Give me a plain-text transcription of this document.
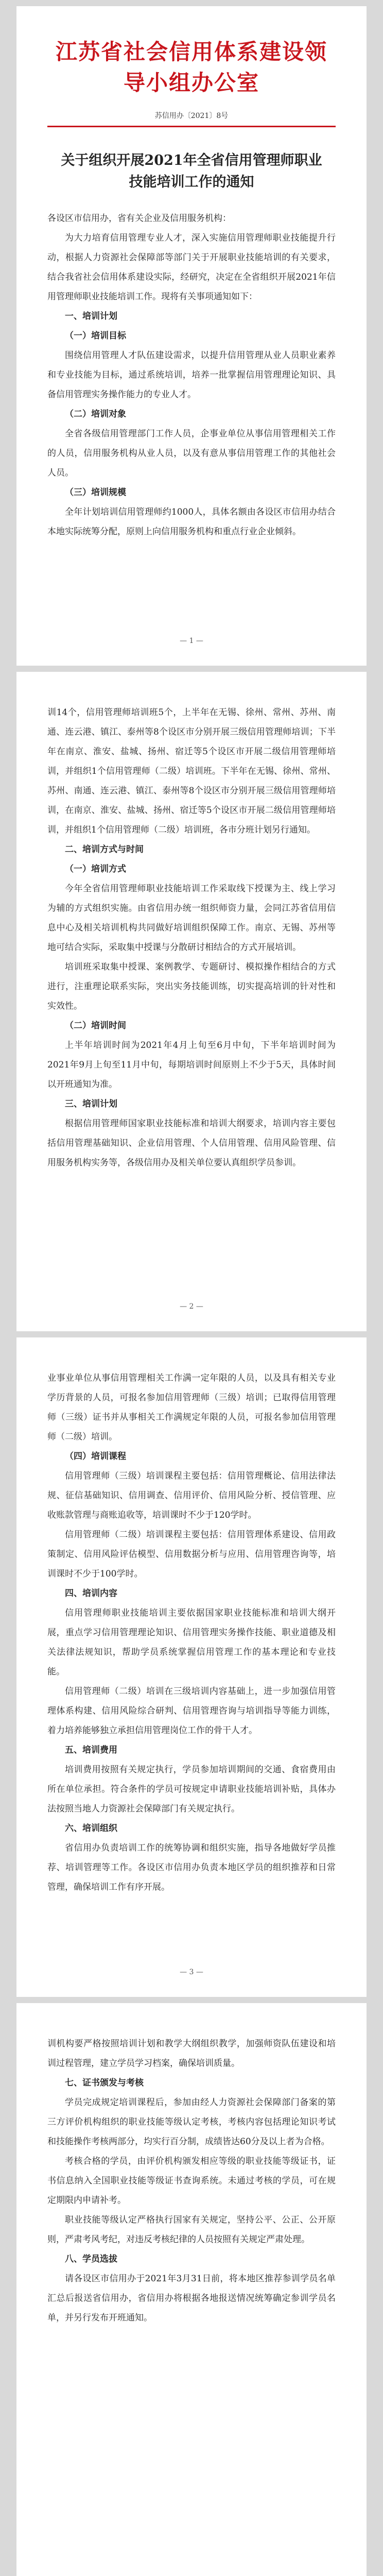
江苏省社会信用体系建设领导小组办公室
苏信用办〔2021〕8号
关于组织开展2021年全省信用管理师职业
技能培训工作的通知

各设区市信用办，省有关企业及信用服务机构：

为大力培育信用管理专业人才，深入实施信用管理师职业技能提升行动，根据人力资源社会保障部等部门关于开展职业技能培训的有关要求，结合我省社会信用体系建设实际，经研究，决定在全省组织开展2021年信用管理师职业技能培训工作。现将有关事项通知如下：

一、培训计划

（一）培训目标

围绕信用管理人才队伍建设需求，以提升信用管理从业人员职业素养和专业技能为目标，通过系统培训，培养一批掌握信用管理理论知识、具备信用管理实务操作能力的专业人才。

（二）培训对象

全省各级信用管理部门工作人员，企事业单位从事信用管理相关工作的人员，信用服务机构从业人员，以及有意从事信用管理工作的其他社会人员。

（三）培训规模

全年计划培训信用管理师约1000人，具体名额由各设区市信用办结合本地实际统筹分配，原则上向信用服务机构和重点行业企业倾斜。

— 1 —

训14个，信用管理师培训班5个，上半年在无锡、徐州、常州、苏州、南通、连云港、镇江、泰州等8个设区市分别开展三级信用管理师培训；下半年在南京、淮安、盐城、扬州、宿迁等5个设区市开展二级信用管理师培训，并组织1个信用管理师（二级）培训班。下半年在无锡、徐州、常州、苏州、南通、连云港、镇江、泰州等8个设区市分别开展三级信用管理师培训，在南京、淮安、盐城、扬州、宿迁等5个设区市开展二级信用管理师培训，并组织1个信用管理师（二级）培训班，各市分班计划另行通知。

二、培训方式与时间

（一）培训方式

今年全省信用管理师职业技能培训工作采取线下授课为主、线上学习为辅的方式组织实施。由省信用办统一组织师资力量，会同江苏省信用信息中心及相关培训机构共同做好培训组织保障工作。南京、无锡、苏州等地可结合实际，采取集中授课与分散研讨相结合的方式开展培训。

培训班采取集中授课、案例教学、专题研讨、模拟操作相结合的方式进行，注重理论联系实际，突出实务技能训练，切实提高培训的针对性和实效性。

（二）培训时间

上半年培训时间为2021年4月上旬至6月中旬，下半年培训时间为2021年9月上旬至11月中旬，每期培训时间原则上不少于5天，具体时间以开班通知为准。

三、培训计划

根据信用管理师国家职业技能标准和培训大纲要求，培训内容主要包括信用管理基础知识、企业信用管理、个人信用管理、信用风险管理、信用服务机构实务等，各级信用办及相关单位要认真组织学员参训。

— 2 —

业事业单位从事信用管理相关工作满一定年限的人员，以及具有相关专业学历背景的人员，可报名参加信用管理师（三级）培训；已取得信用管理师（三级）证书并从事相关工作满规定年限的人员，可报名参加信用管理师（二级）培训。

（四）培训课程

信用管理师（三级）培训课程主要包括：信用管理概论、信用法律法规、征信基础知识、信用调查、信用评价、信用风险分析、授信管理、应收账款管理与商账追收等，培训课时不少于120学时。

信用管理师（二级）培训课程主要包括：信用管理体系建设、信用政策制定、信用风险评估模型、信用数据分析与应用、信用管理咨询等，培训课时不少于100学时。

四、培训内容

信用管理师职业技能培训主要依据国家职业技能标准和培训大纲开展，重点学习信用管理理论知识、信用管理实务操作技能、职业道德及相关法律法规知识，帮助学员系统掌握信用管理工作的基本理论和专业技能。

信用管理师（二级）培训在三级培训内容基础上，进一步加强信用管理体系构建、信用风险综合研判、信用管理咨询与培训指导等能力训练，着力培养能够独立承担信用管理岗位工作的骨干人才。

五、培训费用

培训费用按照有关规定执行，学员参加培训期间的交通、食宿费用由所在单位承担。符合条件的学员可按规定申请职业技能培训补贴，具体办法按照当地人力资源社会保障部门有关规定执行。

六、培训组织

省信用办负责培训工作的统筹协调和组织实施，指导各地做好学员推荐、培训管理等工作。各设区市信用办负责本地区学员的组织推荐和日常管理，确保培训工作有序开展。

— 3 —

训机构要严格按照培训计划和教学大纲组织教学，加强师资队伍建设和培训过程管理，建立学员学习档案，确保培训质量。

七、证书颁发与考核

学员完成规定培训课程后，参加由经人力资源社会保障部门备案的第三方评价机构组织的职业技能等级认定考核，考核内容包括理论知识考试和技能操作考核两部分，均实行百分制，成绩皆达60分及以上者为合格。

考核合格的学员，由评价机构颁发相应等级的职业技能等级证书，证书信息纳入全国职业技能等级证书查询系统。未通过考核的学员，可在规定期限内申请补考。

职业技能等级认定严格执行国家有关规定，坚持公平、公正、公开原则，严肃考风考纪，对违反考核纪律的人员按照有关规定严肃处理。

八、学员选拔

请各设区市信用办于2021年3月31日前，将本地区推荐参训学员名单汇总后报送省信用办，省信用办将根据各地报送情况统筹确定参训学员名单，并另行发布开班通知。
